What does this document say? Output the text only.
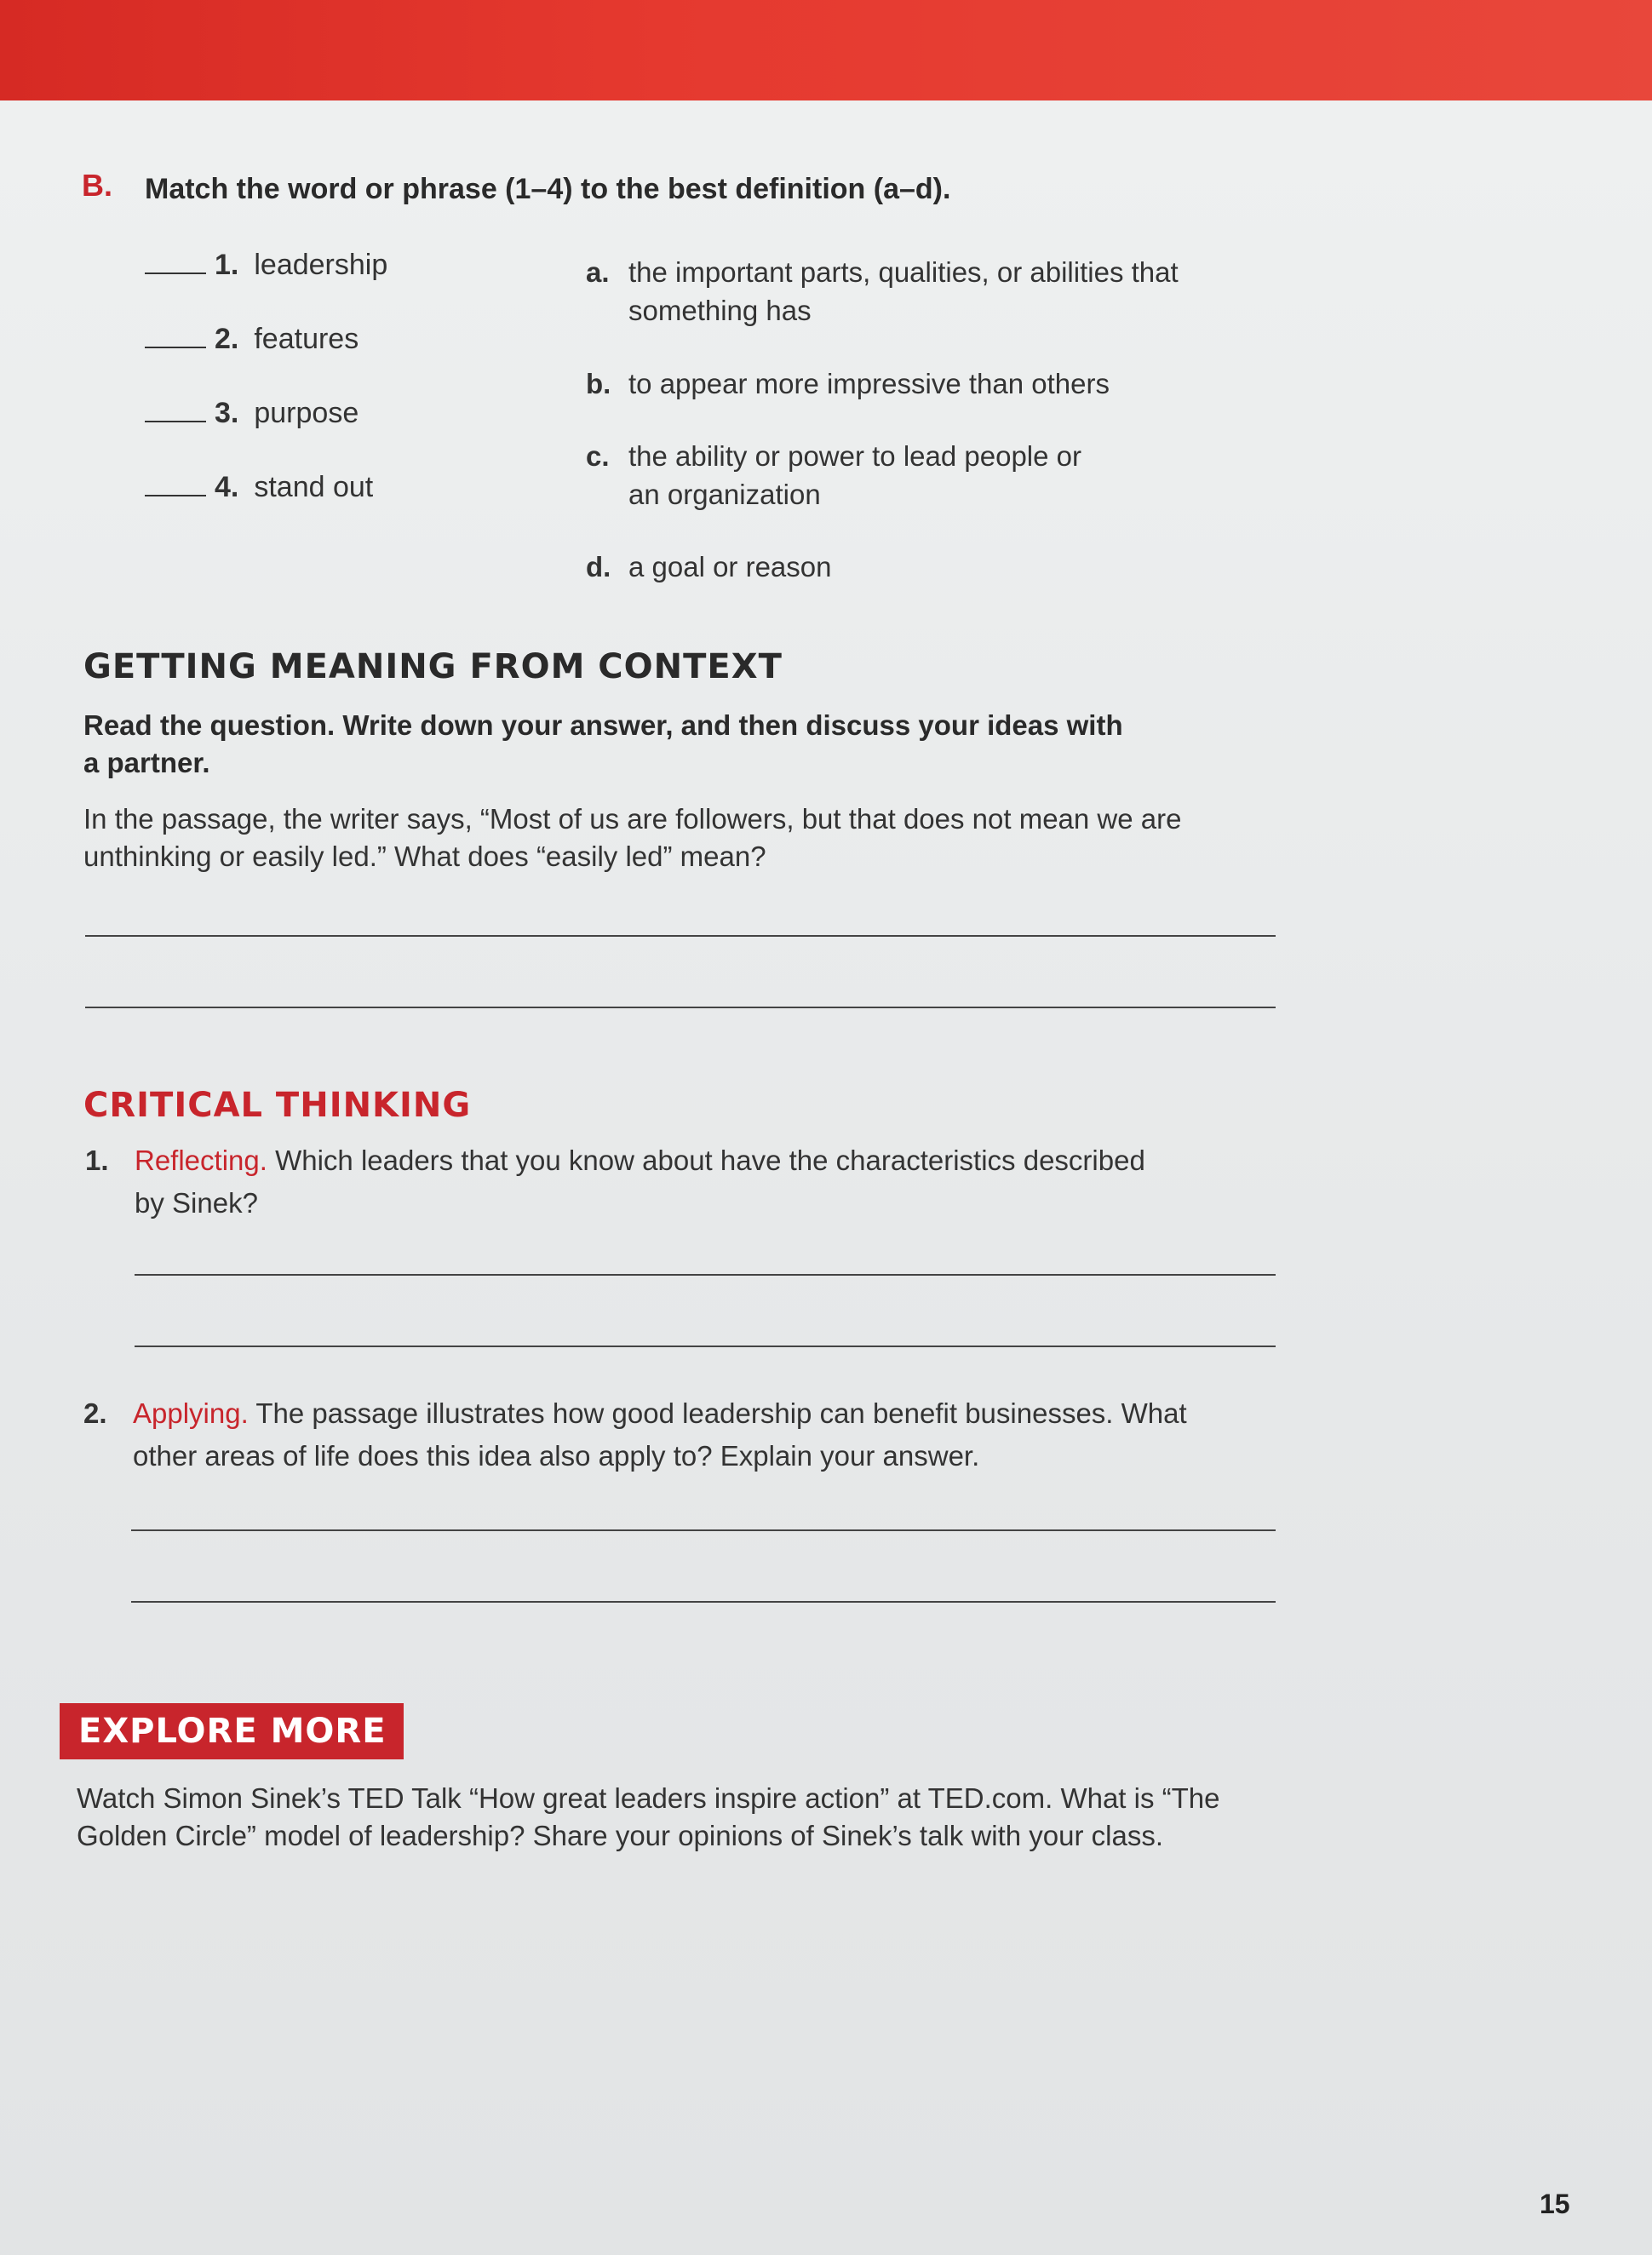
B. Match the word or phrase (1–4) to the best definition (a–d).
1. leadership
2. features
3. purpose
4. stand out
a. the important parts, qualities, or abilities that
something has
b. to appear more impressive than others
c. the ability or power to lead people or
an organization
d. a goal or reason
GETTING MEANING FROM CONTEXT
Read the question. Write down your answer, and then discuss your ideas with
a partner.
In the passage, the writer says, “Most of us are followers, but that does not mean we are
unthinking or easily led.” What does “easily led” mean?
CRITICAL THINKING
1. Reflecting. Which leaders that you know about have the characteristics described
by Sinek?
2. Applying. The passage illustrates how good leadership can benefit businesses. What
other areas of life does this idea also apply to? Explain your answer.
EXPLORE MORE
Watch Simon Sinek’s TED Talk “How great leaders inspire action” at TED.com. What is “The
Golden Circle” model of leadership? Share your opinions of Sinek’s talk with your class.
15
